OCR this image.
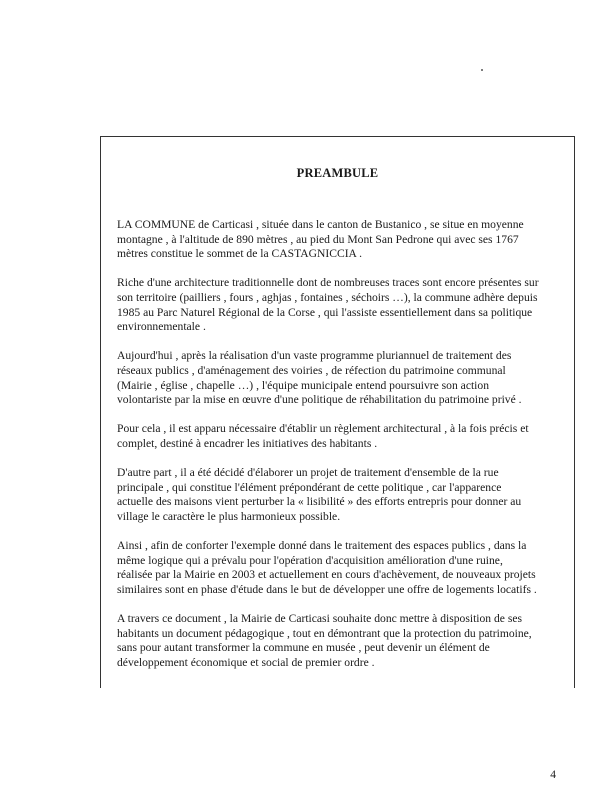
PREAMBULE

LA COMMUNE de Carticasi , située dans le canton de Bustanico , se situe en moyenne
montagne , à l'altitude de 890 mètres , au pied du Mont San Pedrone qui avec ses 1767
mètres constitue le sommet de la CASTAGNICCIA .

Riche d'une architecture traditionnelle dont de nombreuses traces sont encore présentes sur
son territoire (pailliers , fours , aghjas , fontaines , séchoirs …), la commune adhère depuis
1985 au Parc Naturel Régional de la Corse , qui l'assiste essentiellement dans sa politique
environnementale .

Aujourd'hui , après la réalisation d'un vaste programme pluriannuel de traitement des
réseaux publics , d'aménagement des voiries , de réfection du patrimoine communal
(Mairie , église , chapelle …) , l'équipe municipale entend poursuivre son action
volontariste par la mise en œuvre d'une politique de réhabilitation du patrimoine privé .

Pour cela , il est apparu nécessaire d'établir un règlement architectural , à la fois précis et
complet, destiné à encadrer les initiatives des habitants .

D'autre part , il a été décidé d'élaborer un projet de traitement d'ensemble de la rue
principale , qui constitue l'élément prépondérant de cette politique , car l'apparence
actuelle des maisons vient perturber la « lisibilité » des efforts entrepris pour donner au
village le caractère le plus harmonieux possible.

Ainsi , afin de conforter l'exemple donné dans le traitement des espaces publics , dans la
même logique qui a prévalu pour l'opération d'acquisition amélioration d'une ruine,
réalisée par la Mairie en 2003 et actuellement en cours d'achèvement, de nouveaux projets
similaires sont en phase d'étude dans le but de développer une offre de logements locatifs .

A travers ce document , la Mairie de Carticasi souhaite donc mettre à disposition de ses
habitants un document pédagogique , tout en démontrant que la protection du patrimoine,
sans pour autant transformer la commune en musée , peut devenir un élément de
développement économique et social de premier ordre .

4
